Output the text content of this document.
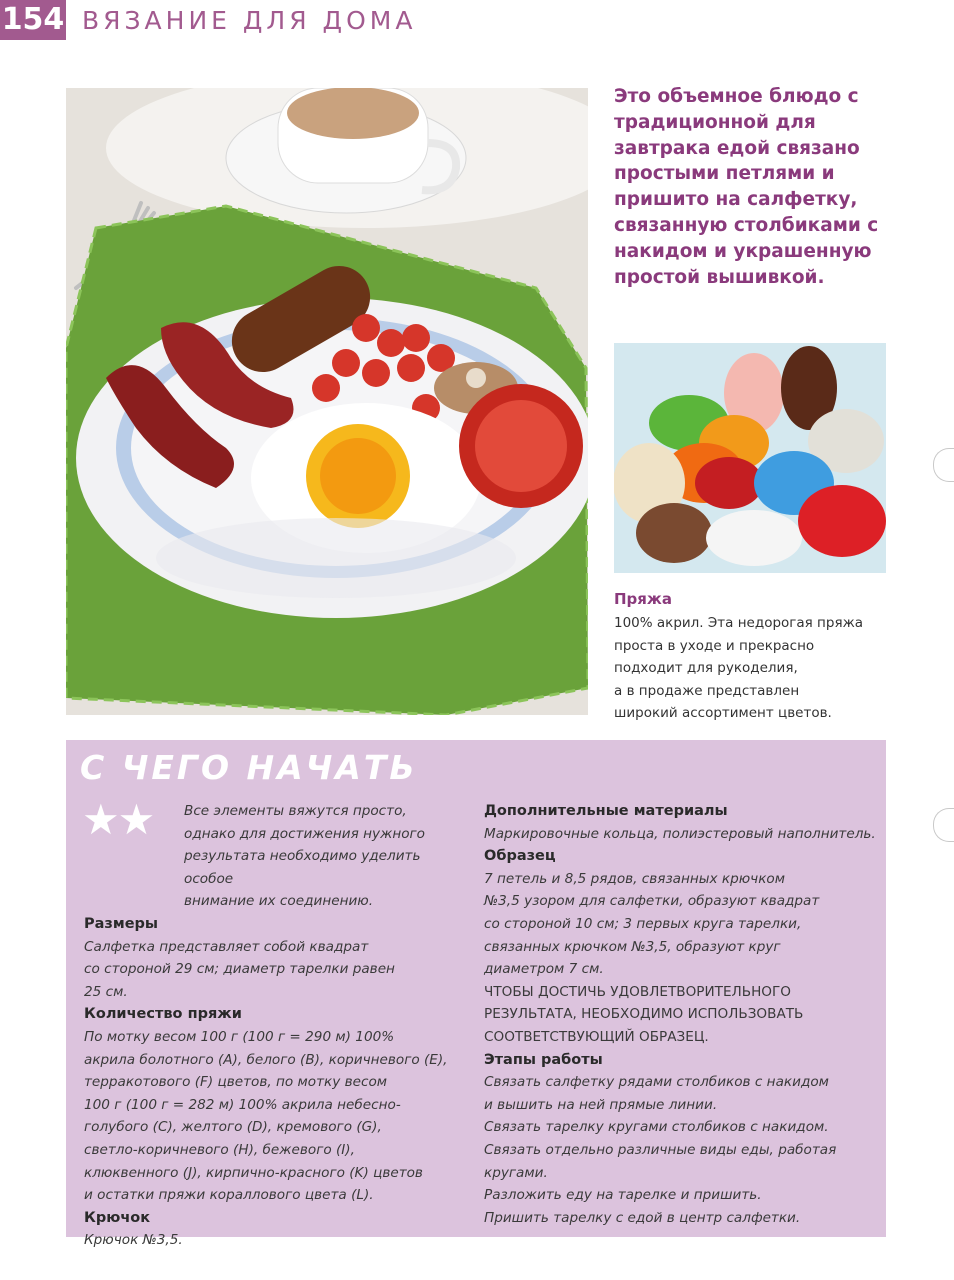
154 ВЯЗАНИЕ ДЛЯ ДОМА
Это объемное блюдо с традиционной для завтрака едой связано простыми петлями и пришито на салфетку, связанную столбиками с накидом и украшенную простой вышивкой.
Пряжа
100% акрил. Эта недорогая пряжа
проста в уходе и прекрасно
подходит для рукоделия,
а в продаже представлен
широкий ассортимент цветов.
С ЧЕГО НАЧАТЬ
★★	Все элементы вяжутся просто,
однако для достижения нужного
результата необходимо уделить особое
внимание их соединению.

Размеры

Салфетка представляет собой квадрат
со стороной 29 см; диаметр тарелки равен
25 см.

Количество пряжи

По мотку весом 100 г (100 г = 290 м) 100%
акрила болотного (A), белого (B), коричневого (E),
терракотового (F) цветов, по мотку весом
100 г (100 г = 282 м) 100% акрила небесно-
голубого (C), желтого (D), кремового (G),
светло-коричневого (H), бежевого (I),
клюквенного (J), кирпично-красного (K) цветов
и остатки пряжи кораллового цвета (L).

Крючок

Крючок №3,5.

Дополнительные материалы

Маркировочные кольца, полиэстеровый наполнитель.

Образец

7 петель и 8,5 рядов, связанных крючком
№3,5 узором для салфетки, образуют квадрат
со стороной 10 см; 3 первых круга тарелки,
связанных крючком №3,5, образуют круг
диаметром 7 см.

ЧТОБЫ ДОСТИЧЬ УДОВЛЕТВОРИТЕЛЬНОГО
РЕЗУЛЬТАТА, НЕОБХОДИМО ИСПОЛЬЗОВАТЬ
СООТВЕТСТВУЮЩИЙ ОБРАЗЕЦ.

Этапы работы

Связать салфетку рядами столбиков с накидом
и вышить на ней прямые линии.
Связать тарелку кругами столбиков с накидом.
Связать отдельно различные виды еды, работая
кругами.
Разложить еду на тарелке и пришить.
Пришить тарелку с едой в центр салфетки.
